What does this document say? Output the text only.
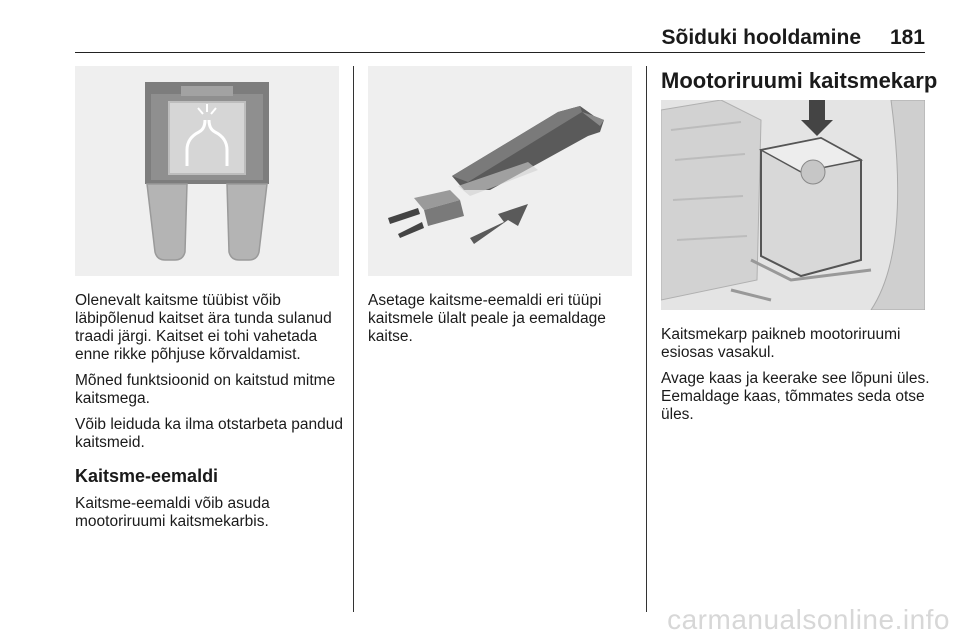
Sõiduki hooldamine 181

Olenevalt kaitsme tüübist võib läbipõlenud kaitset ära tunda sulanud traadi järgi. Kaitset ei tohi vahetada enne rikke põhjuse kõrvaldamist.

Mõned funktsioonid on kaitstud mitme kaitsmega.

Võib leiduda ka ilma otstarbeta pandud kaitsmeid.

Kaitsme-eemaldi

Kaitsme-eemaldi võib asuda mootoriruumi kaitsmekarbis.

Asetage kaitsme-eemaldi eri tüüpi kaitsmele ülalt peale ja eemaldage kaitse.

Mootoriruumi kaitsmekarp

Kaitsmekarp paikneb mootoriruumi esiosas vasakul.

Avage kaas ja keerake see lõpuni üles. Eemaldage kaas, tõmmates seda otse üles.

carmanualsonline.info
